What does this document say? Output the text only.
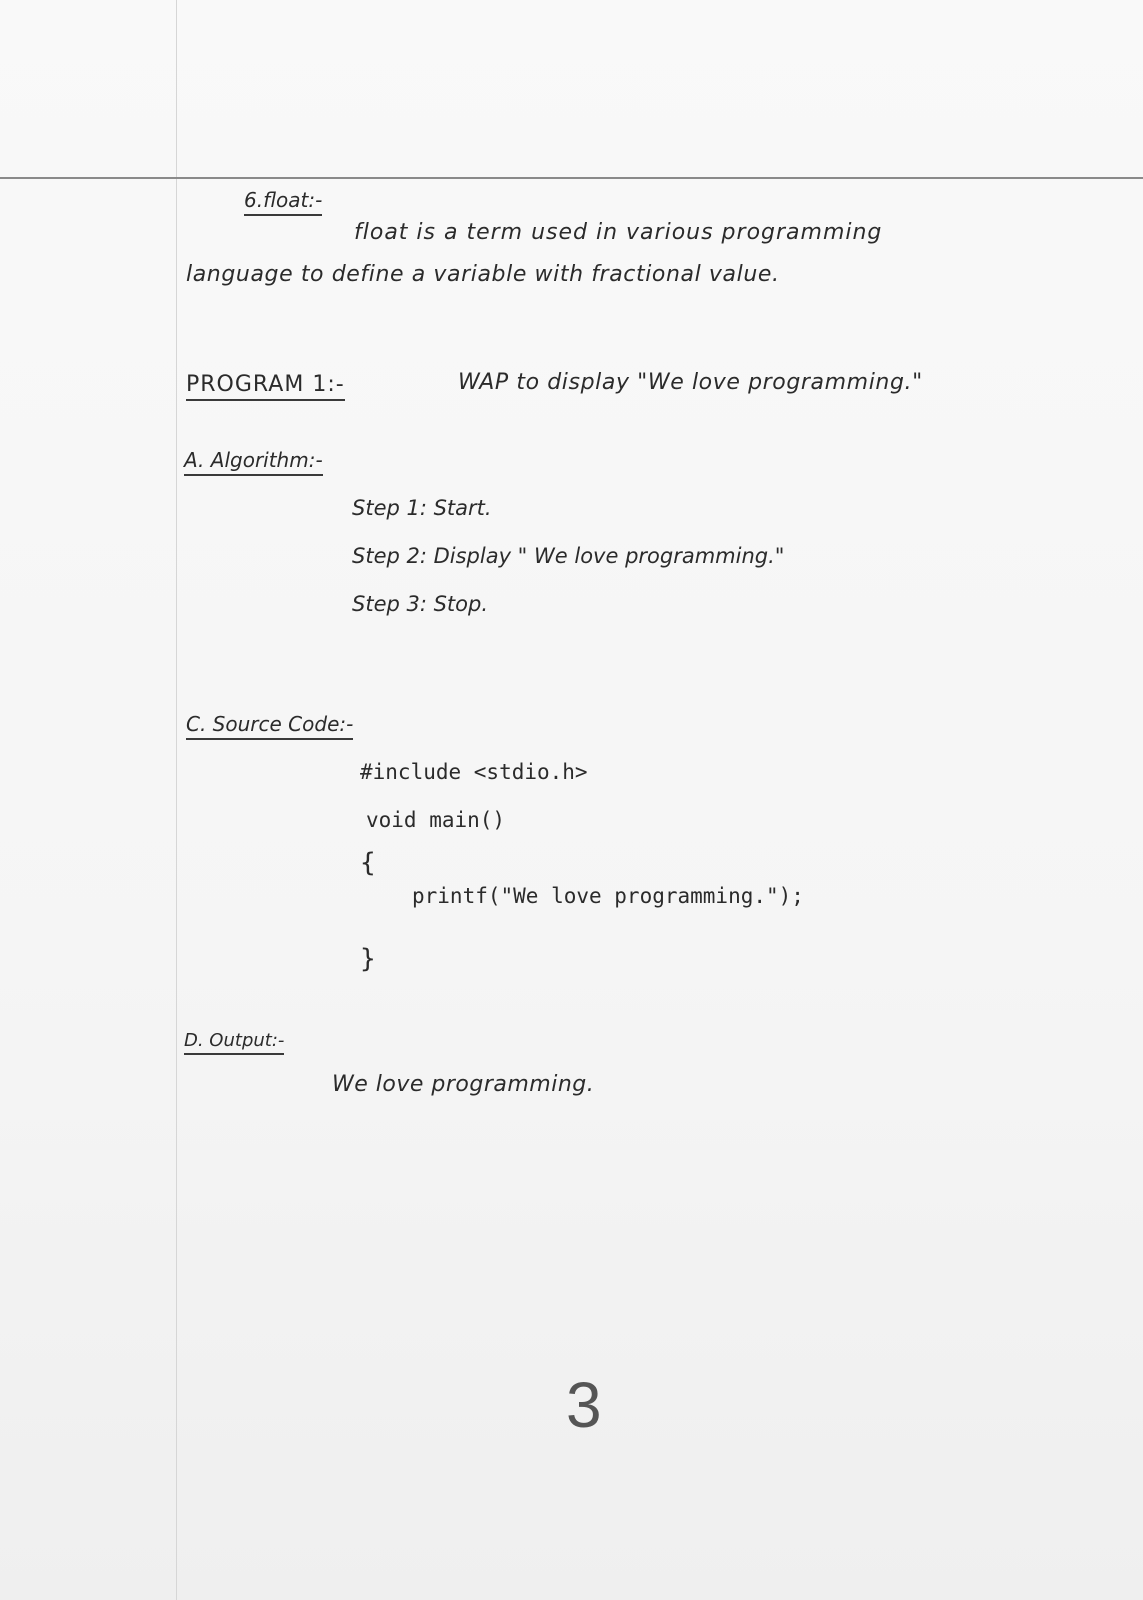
6.float:-
float is a term used in various programming
language to define a variable with fractional value.
PROGRAM 1:-	WAP to display "We love programming."
A. Algorithm:-
Step 1: Start.
Step 2: Display " We love programming."
Step 3: Stop.
C. Source Code:-
#include <stdio.h>
void main()
{
printf("We love programming.");
}
D. Output:-
We love programming.
3
